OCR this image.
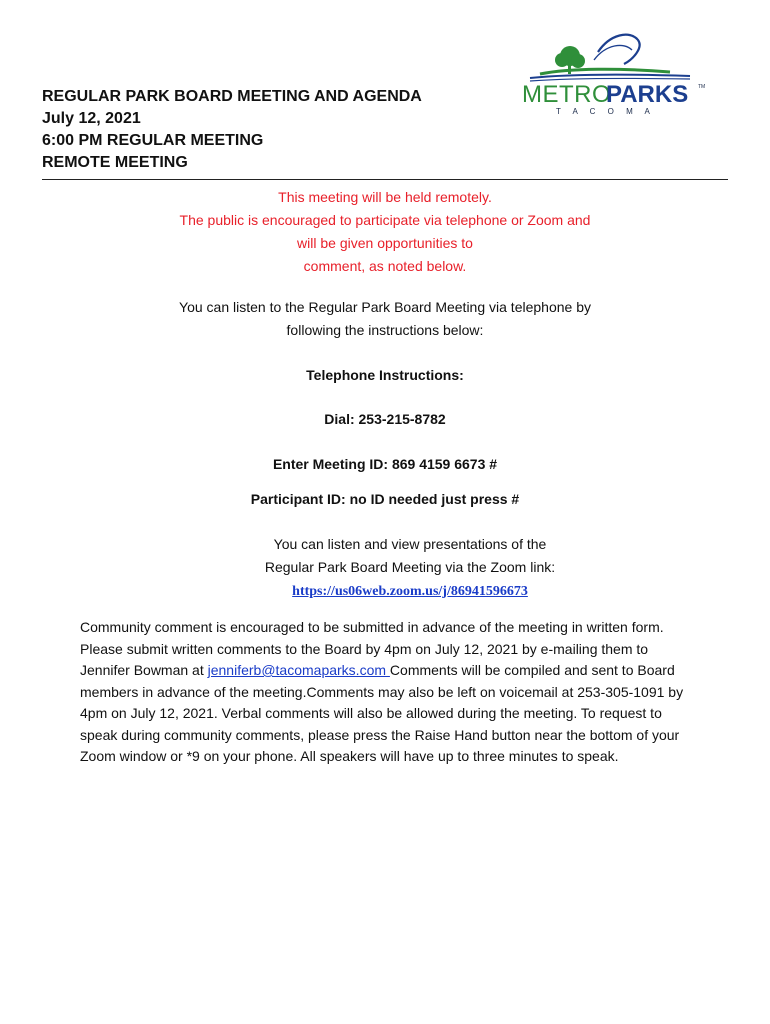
REGULAR PARK BOARD MEETING AND AGENDA
July 12, 2021
6:00 PM REGULAR MEETING
REMOTE MEETING
METRO
PARKS TM
T A C O M A
This meeting will be held remotely.
The public is encouraged to participate via telephone or Zoom and
will be given opportunities to
comment, as noted below.
You can listen to the Regular Park Board Meeting via telephone by
following the instructions below:
Telephone Instructions:
Dial: 253-215-8782
Enter Meeting ID: 869 4159 6673 #
Participant ID: no ID needed just press #
You can listen and view presentations of the
Regular Park Board Meeting via the Zoom link:
https://us06web.zoom.us/j/86941596673
Community comment is encouraged to be submitted in advance of the meeting in written form. Please submit written comments to the Board by 4pm on July 12, 2021 by e-mailing them to Jennifer Bowman at jenniferb@tacomaparks.com Comments will be compiled and sent to Board members in advance of the meeting.Comments may also be left on voicemail at 253-305-1091 by 4pm on July 12, 2021. Verbal comments will also be allowed during the meeting. To request to speak during community comments, please press the Raise Hand button near the bottom of your Zoom window or *9 on your phone. All speakers will have up to three minutes to speak.
